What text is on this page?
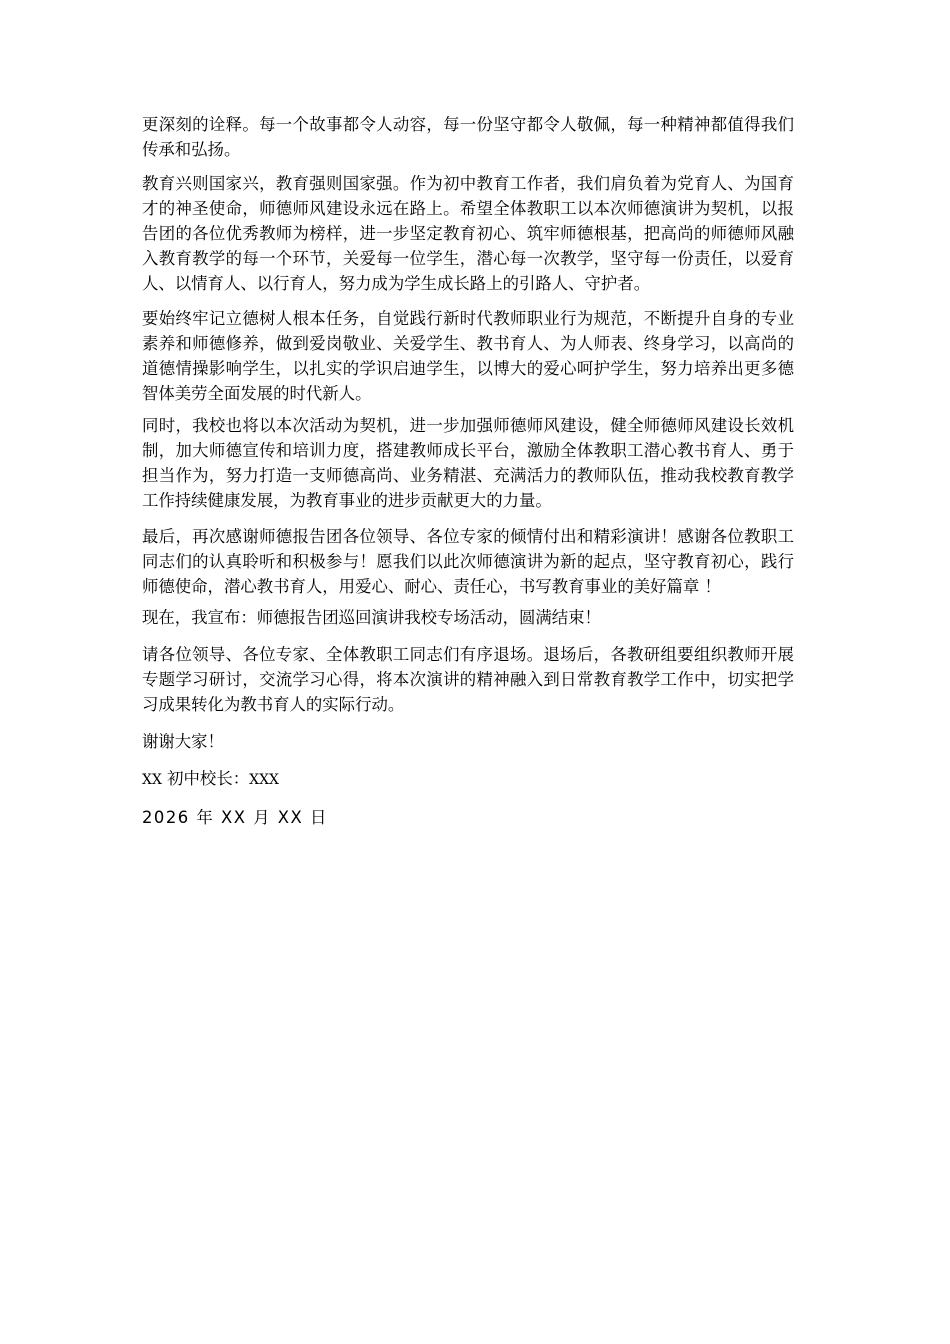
更深刻的诠释。每一个故事都令人动容，每一份坚守都令人敬佩，每一种精神都值得我们传承和弘扬。

教育兴则国家兴，教育强则国家强。作为初中教育工作者，我们肩负着为党育人、为国育才的神圣使命，师德师风建设永远在路上。希望全体教职工以本次师德演讲为契机，以报告团的各位优秀教师为榜样，进一步坚定教育初心、筑牢师德根基，把高尚的师德师风融入教育教学的每一个环节，关爱每一位学生，潜心每一次教学，坚守每一份责任，以爱育人、以情育人、以行育人，努力成为学生成长路上的引路人、守护者。

要始终牢记立德树人根本任务，自觉践行新时代教师职业行为规范，不断提升自身的专业素养和师德修养，做到爱岗敬业、关爱学生、教书育人、为人师表、终身学习，以高尚的道德情操影响学生，以扎实的学识启迪学生，以博大的爱心呵护学生，努力培养出更多德智体美劳全面发展的时代新人。

同时，我校也将以本次活动为契机，进一步加强师德师风建设，健全师德师风建设长效机制，加大师德宣传和培训力度，搭建教师成长平台，激励全体教职工潜心教书育人、勇于担当作为，努力打造一支师德高尚、业务精湛、充满活力的教师队伍，推动我校教育教学工作持续健康发展，为教育事业的进步贡献更大的力量。

最后，再次感谢师德报告团各位领导、各位专家的倾情付出和精彩演讲！感谢各位教职工同志们的认真聆听和积极参与！愿我们以此次师德演讲为新的起点，坚守教育初心，践行师德使命，潜心教书育人，用爱心、耐心、责任心，书写教育事业的美好篇章 ！

现在，我宣布：师德报告团巡回演讲我校专场活动，圆满结束！

请各位领导、各位专家、全体教职工同志们有序退场。退场后，各教研组要组织教师开展专题学习研讨，交流学习心得，将本次演讲的精神融入到日常教育教学工作中，切实把学习成果转化为教书育人的实际行动。

谢谢大家！

XX 初中校长：XXX

2026 年 XX 月 XX 日
